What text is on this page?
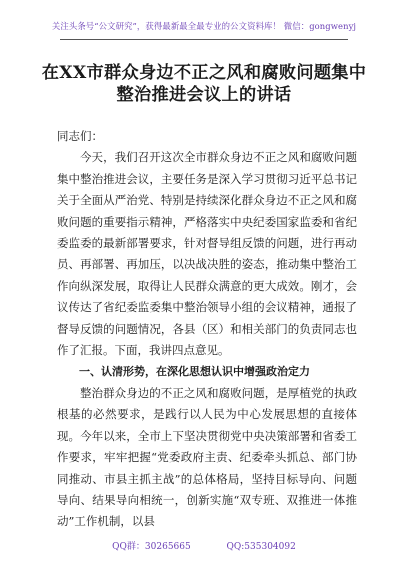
关注头条号“公文研究”，获得最新最全最专业的公文资料库！ 微信：gongwenyj
在XX市群众身边不正之风和腐败问题集中整治推进会议上的讲话

同志们：

今天，我们召开这次全市群众身边不正之风和腐败问题集中整治推进会议，主要任务是深入学习贯彻习近平总书记关于全面从严治党、特别是持续深化群众身边不正之风和腐败问题的重要指示精神，严格落实中央纪委国家监委和省纪委监委的最新部署要求，针对督导组反馈的问题，进行再动员、再部署、再加压，以决战决胜的姿态，推动集中整治工作向纵深发展，取得让人民群众满意的更大成效。刚才，会议传达了省纪委监委集中整治领导小组的会议精神，通报了督导反馈的问题情况，各县（区）和相关部门的负责同志也作了汇报。下面，我讲四点意见。

一、认清形势，在深化思想认识中增强政治定力

整治群众身边的不正之风和腐败问题，是厚植党的执政根基的必然要求，是践行以人民为中心发展思想的直接体现。今年以来，全市上下坚决贯彻党中央决策部署和省委工作要求，牢牢把握“党委政府主责、纪委牵头抓总、部门协同推动、市县主抓主战”的总体格局，坚持目标导向、问题导向、结果导向相统一，创新实施“双专班、双推进一体推动”工作机制，以县

QQ群：30265665	QQ:535304092
